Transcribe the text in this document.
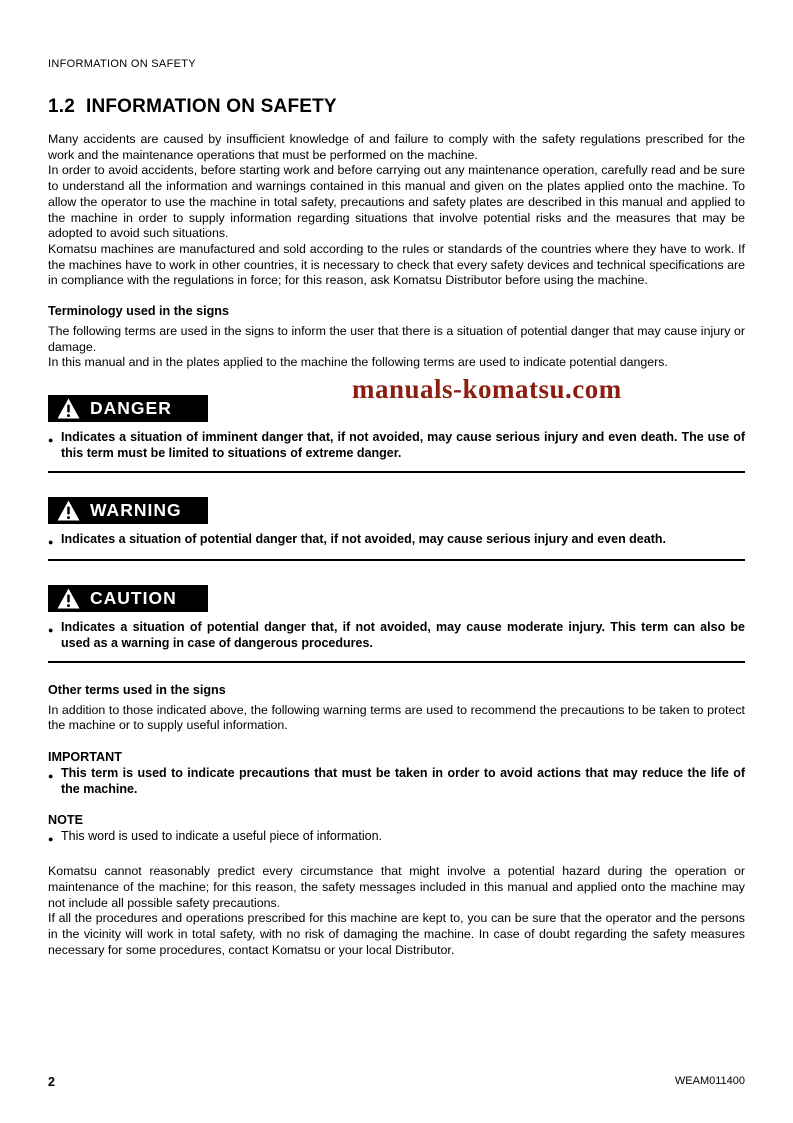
INFORMATION ON SAFETY
1.2  INFORMATION ON SAFETY

Many accidents are caused by insufficient knowledge of and failure to comply with the safety regulations prescribed for the work and the maintenance operations that must be performed on the machine.

In order to avoid accidents, before starting work and before carrying out any maintenance operation, carefully read and be sure to understand all the information and warnings contained in this manual and given on the plates applied onto the machine. To allow the operator to use the machine in total safety, precautions and safety plates are described in this manual and applied to the machine in order to supply information regarding situations that involve potential risks and the measures that may be adopted to avoid such situations.

Komatsu machines are manufactured and sold according to the rules or standards of the countries where they have to work. If the machines have to work in other countries, it is necessary to check that every safety devices and technical specifications are in compliance with the regulations in force; for this reason, ask Komatsu Distributor before using the machine.

Terminology used in the signs

The following terms are used in the signs to inform the user that there is a situation of potential danger that may cause injury or damage.

In this manual and in the plates applied to the machine the following terms are used to indicate potential dangers.

DANGER
● Indicates a situation of imminent danger that, if not avoided, may cause serious injury and even death. The use of this term must be limited to situations of extreme danger.
WARNING
● Indicates a situation of potential danger that, if not avoided, may cause serious injury and even death.
CAUTION
● Indicates a situation of potential danger that, if not avoided, may cause moderate injury. This term can also be used as a warning in case of dangerous procedures.
Other terms used in the signs

In addition to those indicated above, the following warning terms are used to recommend the precautions to be taken to protect the machine or to supply useful information.

IMPORTANT
● This term is used to indicate precautions that must be taken in order to avoid actions that may reduce the life of the machine.
NOTE
● This word is used to indicate a useful piece of information.

Komatsu cannot reasonably predict every circumstance that might involve a potential hazard during the operation or maintenance of the machine; for this reason, the safety messages included in this manual and applied onto the machine may not include all possible safety precautions.

If all the procedures and operations prescribed for this machine are kept to, you can be sure that the operator and the persons in the vicinity will work in total safety, with no risk of damaging the machine. In case of doubt regarding the safety measures necessary for some procedures, contact Komatsu or your local Distributor.

manuals-komatsu.com
2	WEAM011400
